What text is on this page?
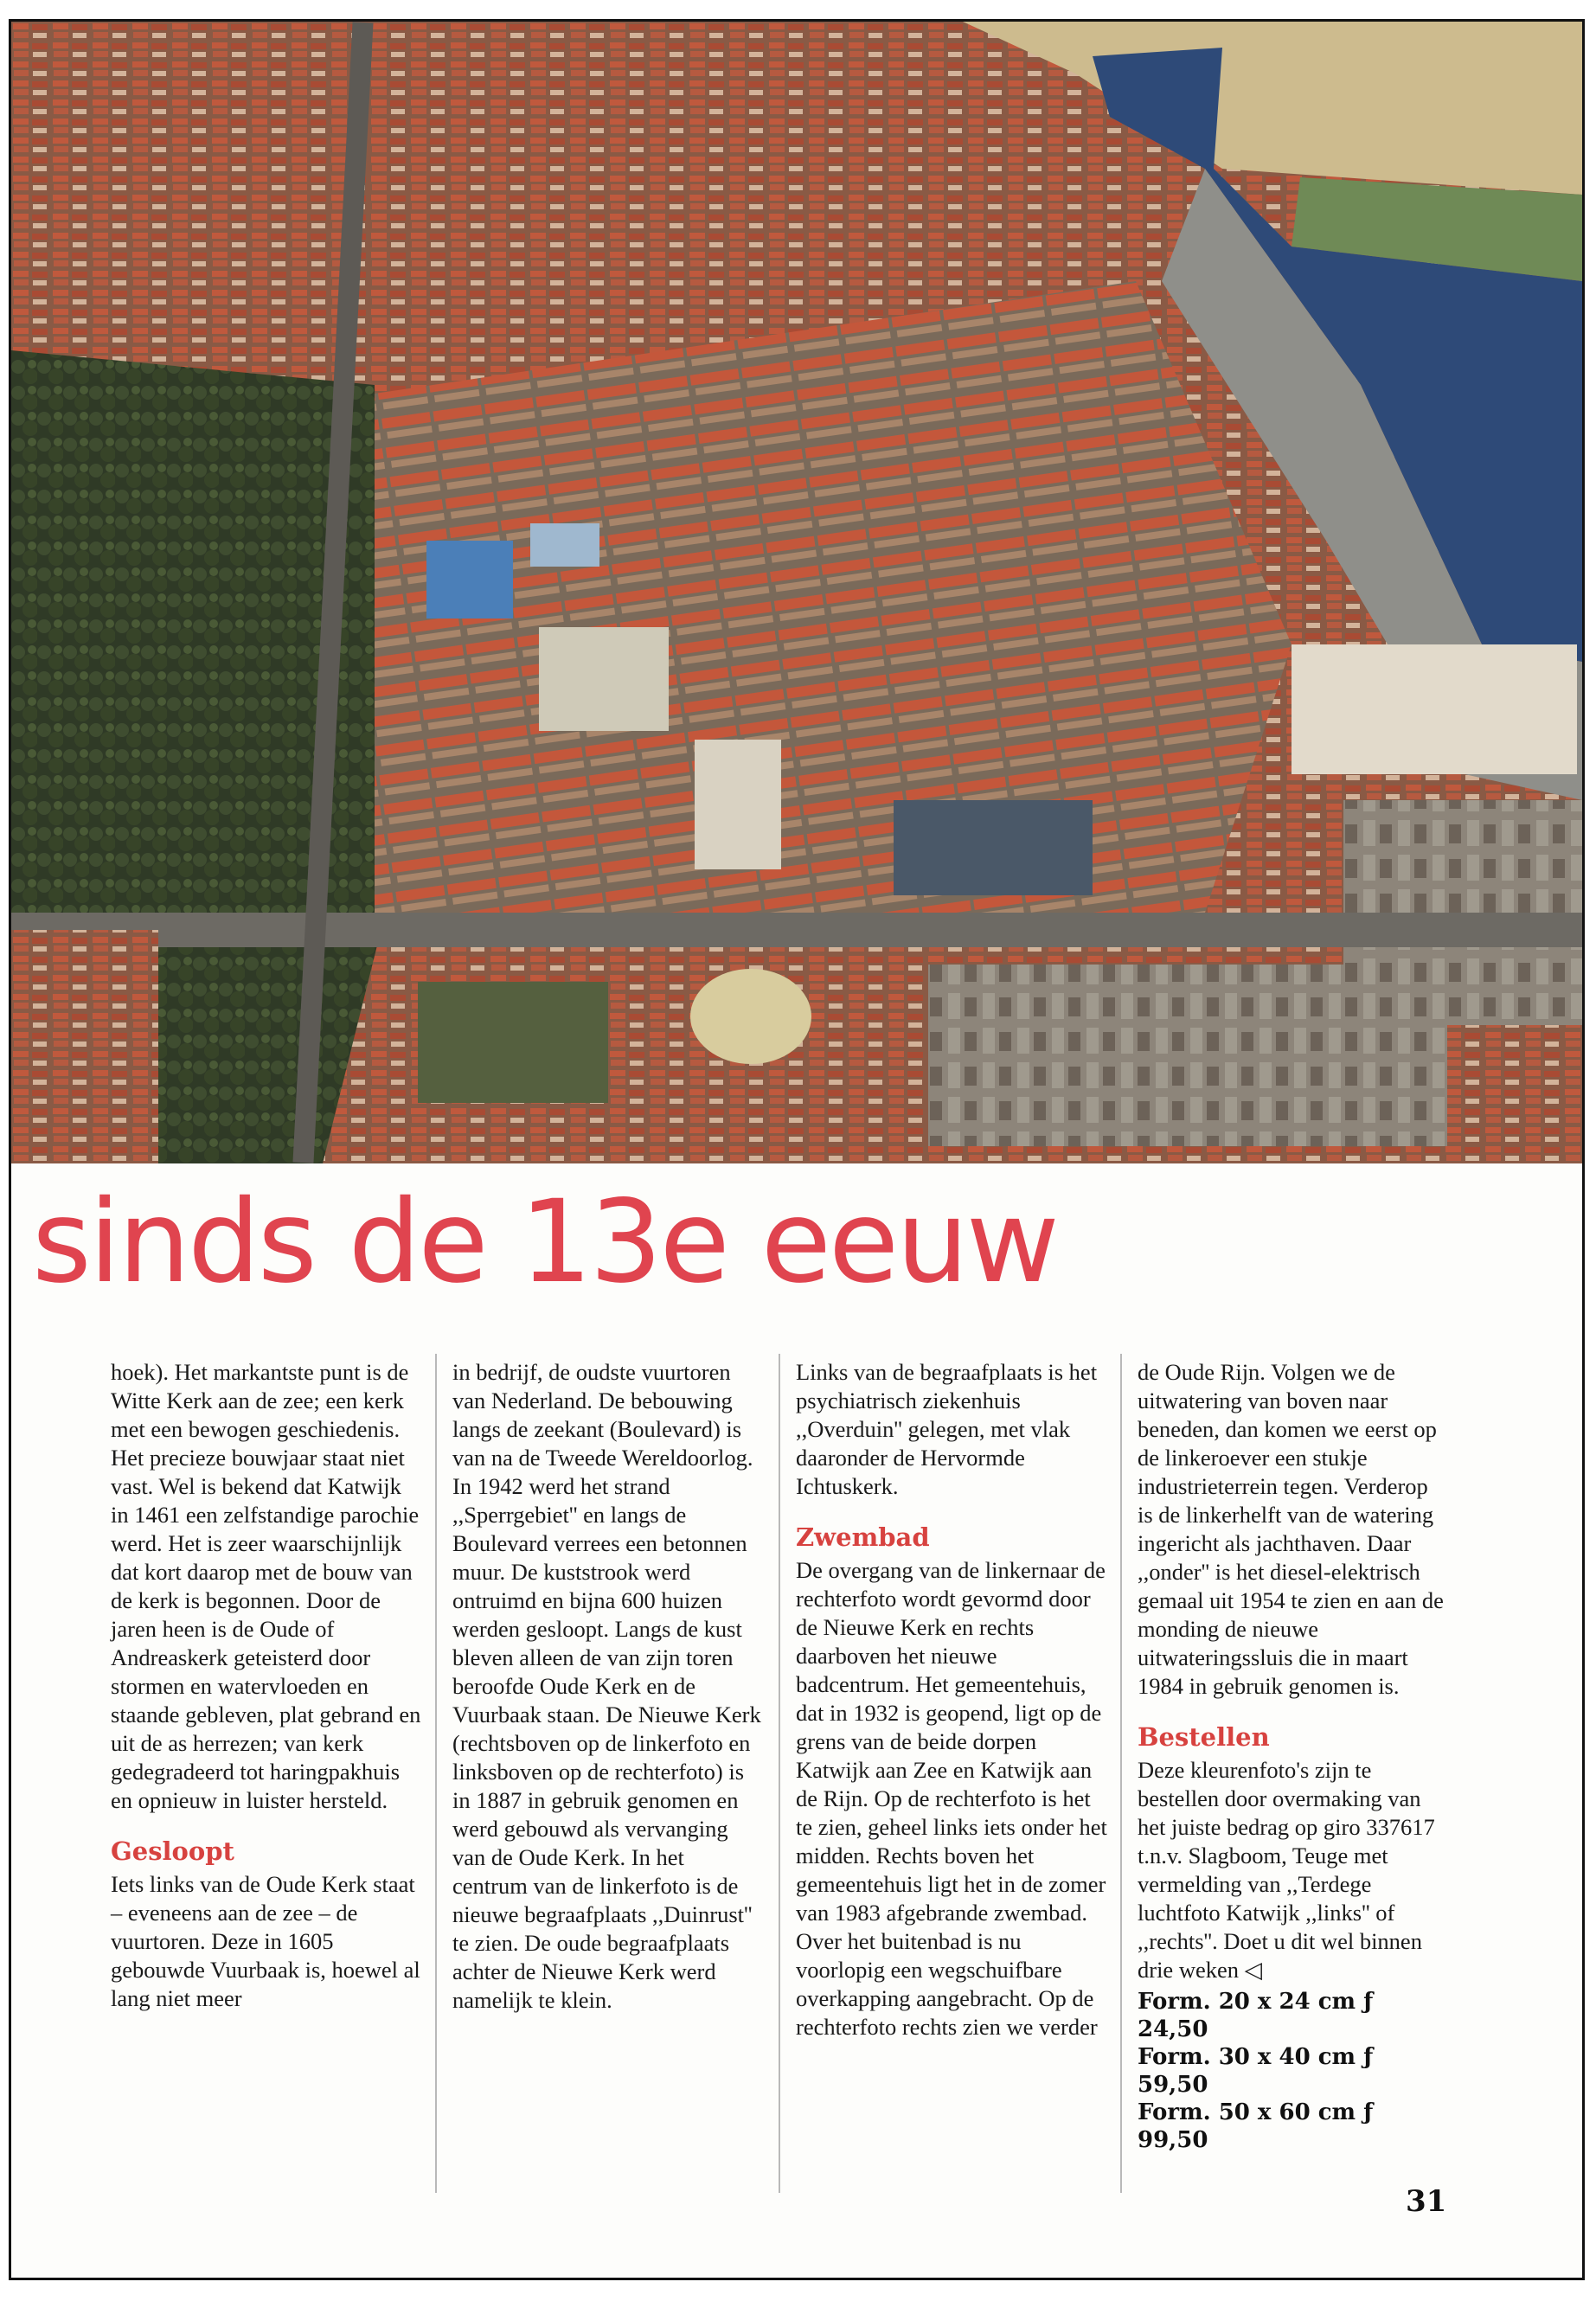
sinds de 13e eeuw

hoek). Het markantste punt is de Witte Kerk aan de zee; een kerk met een bewogen geschiedenis. Het precieze bouwjaar staat niet vast. Wel is bekend dat Katwijk in 1461 een zelfstandige parochie werd. Het is zeer waarschijnlijk dat kort daarop met de bouw van de kerk is begonnen. Door de jaren heen is de Oude of Andreaskerk geteisterd door stormen en watervloeden en staande gebleven, plat gebrand en uit de as herrezen; van kerk gedegradeerd tot haringpakhuis en opnieuw in luister hersteld.

Gesloopt

Iets links van de Oude Kerk staat – eveneens aan de zee – de vuurtoren. Deze in 1605 gebouwde Vuurbaak is, hoewel al lang niet meer

in bedrijf, de oudste vuurtoren van Nederland. De bebouwing langs de zeekant (Boulevard) is van na de Tweede Wereldoorlog. In 1942 werd het strand ,,Sperrgebiet'' en langs de Boulevard verrees een betonnen muur. De kuststrook werd ontruimd en bijna 600 huizen werden gesloopt. Langs de kust bleven alleen de van zijn toren beroofde Oude Kerk en de Vuurbaak staan. De Nieuwe Kerk (rechtsboven op de linkerfoto en linksboven op de rechterfoto) is in 1887 in gebruik genomen en werd gebouwd als vervanging van de Oude Kerk. In het centrum van de linkerfoto is de nieuwe begraafplaats ,,Duinrust'' te zien. De oude begraafplaats achter de Nieuwe Kerk werd namelijk te klein.

Links van de begraafplaats is het psychiatrisch ziekenhuis ,,Overduin'' gelegen, met vlak daaronder de Hervormde Ichtuskerk.

Zwembad

De overgang van de linkernaar de rechterfoto wordt gevormd door de Nieuwe Kerk en rechts daarboven het nieuwe badcentrum. Het gemeentehuis, dat in 1932 is geopend, ligt op de grens van de beide dorpen Katwijk aan Zee en Katwijk aan de Rijn. Op de rechterfoto is het te zien, geheel links iets onder het midden. Rechts boven het gemeentehuis ligt het in de zomer van 1983 afgebrande zwembad. Over het buitenbad is nu voorlopig een wegschuifbare overkapping aangebracht. Op de rechterfoto rechts zien we verder

de Oude Rijn. Volgen we de uitwatering van boven naar beneden, dan komen we eerst op de linkeroever een stukje industrieterrein tegen. Verderop is de linkerhelft van de watering ingericht als jachthaven. Daar ,,onder'' is het diesel-elektrisch gemaal uit 1954 te zien en aan de monding de nieuwe uitwateringssluis die in maart 1984 in gebruik genomen is.

Bestellen

Deze kleurenfoto's zijn te bestellen door overmaking van het juiste bedrag op giro 337617 t.n.v. Slagboom, Teuge met vermelding van ,,Terdege luchtfoto Katwijk ,,links'' of ,,rechts''. Doet u dit wel binnen drie weken ◁

Form. 20 x 24 cm ƒ 24,50
Form. 30 x 40 cm ƒ 59,50
Form. 50 x 60 cm ƒ 99,50
31
